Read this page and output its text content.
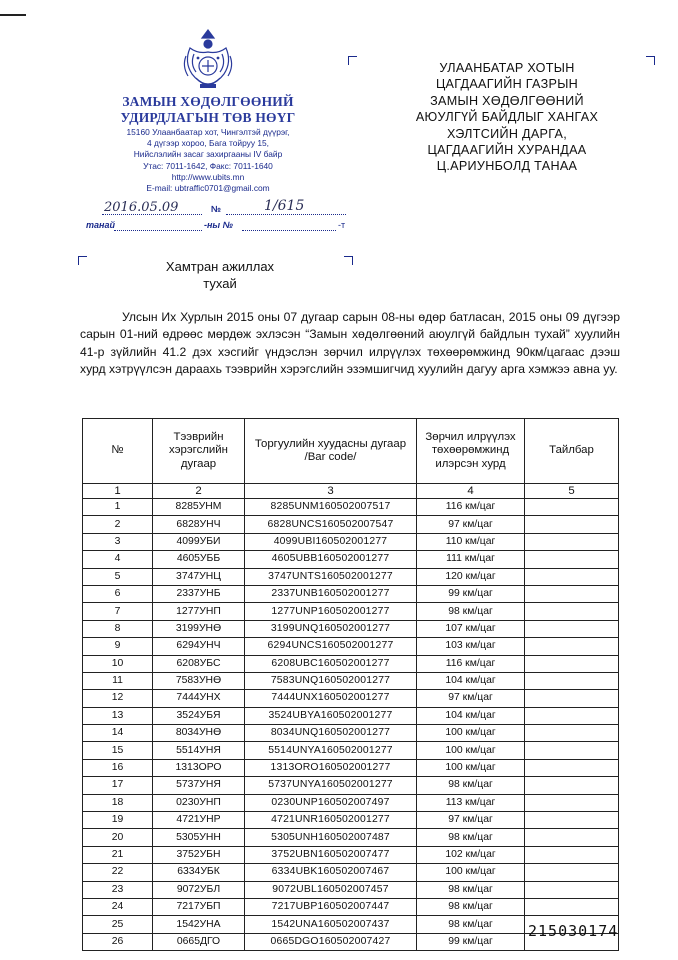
ЗАМЫН ХӨДӨЛГӨӨНИЙ
УДИРДЛАГЫН ТӨВ НӨҮГ
15160 Улаанбаатар хот, Чингэлтэй дүүрэг,
4 дүгээр хороо, Бага тойруу 15,
Нийслэлийн засаг захиргааны IV байр
Утас: 7011-1642, Факс: 7011-1640
http://www.ubits.mn
E-mail: ubtraffic0701@gmail.com
2016.05.09	№	1/615
танай	-ны №	-т
УЛААНБАТАР ХОТЫН
ЦАГДААГИЙН ГАЗРЫН
ЗАМЫН ХӨДӨЛГӨӨНИЙ
АЮУЛГҮЙ БАЙДЛЫГ ХАНГАХ
ХЭЛТСИЙН ДАРГА,
ЦАГДААГИЙН ХУРАНДАА
Ц.АРИУНБОЛД ТАНАА
Хамтран ажиллах
тухай
Улсын Их Хурлын 2015 оны 07 дугаар сарын 08-ны өдөр батласан, 2015 оны 09 дүгээр сарын 01-ний өдрөөс мөрдөж эхлэсэн “Замын хөдөлгөөний аюулгүй байдлын тухай” хуулийн 41-р зүйлийн 41.2 дэх хэсгийг үндэслэн зөрчил илрүүлэх төхөөрөмжинд 90км/цагаас дээш хурд хэтрүүлсэн дараахь тээврийн хэрэгслийн эзэмшигчид хуулийн дагуу арга хэмжээ авна уу.
№	Тээврийн хэрэгслийн дугаар	Торгуулийн хуудасны дугаар /Bar code/	Зөрчил илрүүлэх төхөөрөмжинд илэрсэн хурд	Тайлбар
1	2	3	4	5
1	8285УНМ	8285UNM160502007517	116 км/цаг	
2	6828УНЧ	6828UNCS160502007547	97 км/цаг	
3	4099УБИ	4099UBI160502001277	110 км/цаг	
4	4605УББ	4605UBB160502001277	111 км/цаг	
5	3747УНЦ	3747UNTS160502001277	120 км/цаг	
6	2337УНБ	2337UNB160502001277	99 км/цаг	
7	1277УНП	1277UNP160502001277	98 км/цаг	
8	3199УНӨ	3199UNQ160502001277	107 км/цаг	
9	6294УНЧ	6294UNCS160502001277	103 км/цаг	
10	6208УБС	6208UBC160502001277	116 км/цаг	
11	7583УНӨ	7583UNQ160502001277	104 км/цаг	
12	7444УНХ	7444UNX160502001277	97 км/цаг	
13	3524УБЯ	3524UBYA160502001277	104 км/цаг	
14	8034УНӨ	8034UNQ160502001277	100 км/цаг	
15	5514УНЯ	5514UNYA160502001277	100 км/цаг	
16	1313ОРО	1313ORO160502001277	100 км/цаг	
17	5737УНЯ	5737UNYA160502001277	98 км/цаг	
18	0230УНП	0230UNP160502007497	113 км/цаг	
19	4721УНР	4721UNR160502001277	97 км/цаг	
20	5305УНН	5305UNH160502007487	98 км/цаг	
21	3752УБН	3752UBN160502007477	102 км/цаг	
22	6334УБК	6334UBK160502007467	100 км/цаг	
23	9072УБЛ	9072UBL160502007457	98 км/цаг	
24	7217УБП	7217UBP160502007447	98 км/цаг	
25	1542УНА	1542UNA160502007437	98 км/цаг	
26	0665ДГО	0665DGO160502007427	99 км/цаг	
215030174
